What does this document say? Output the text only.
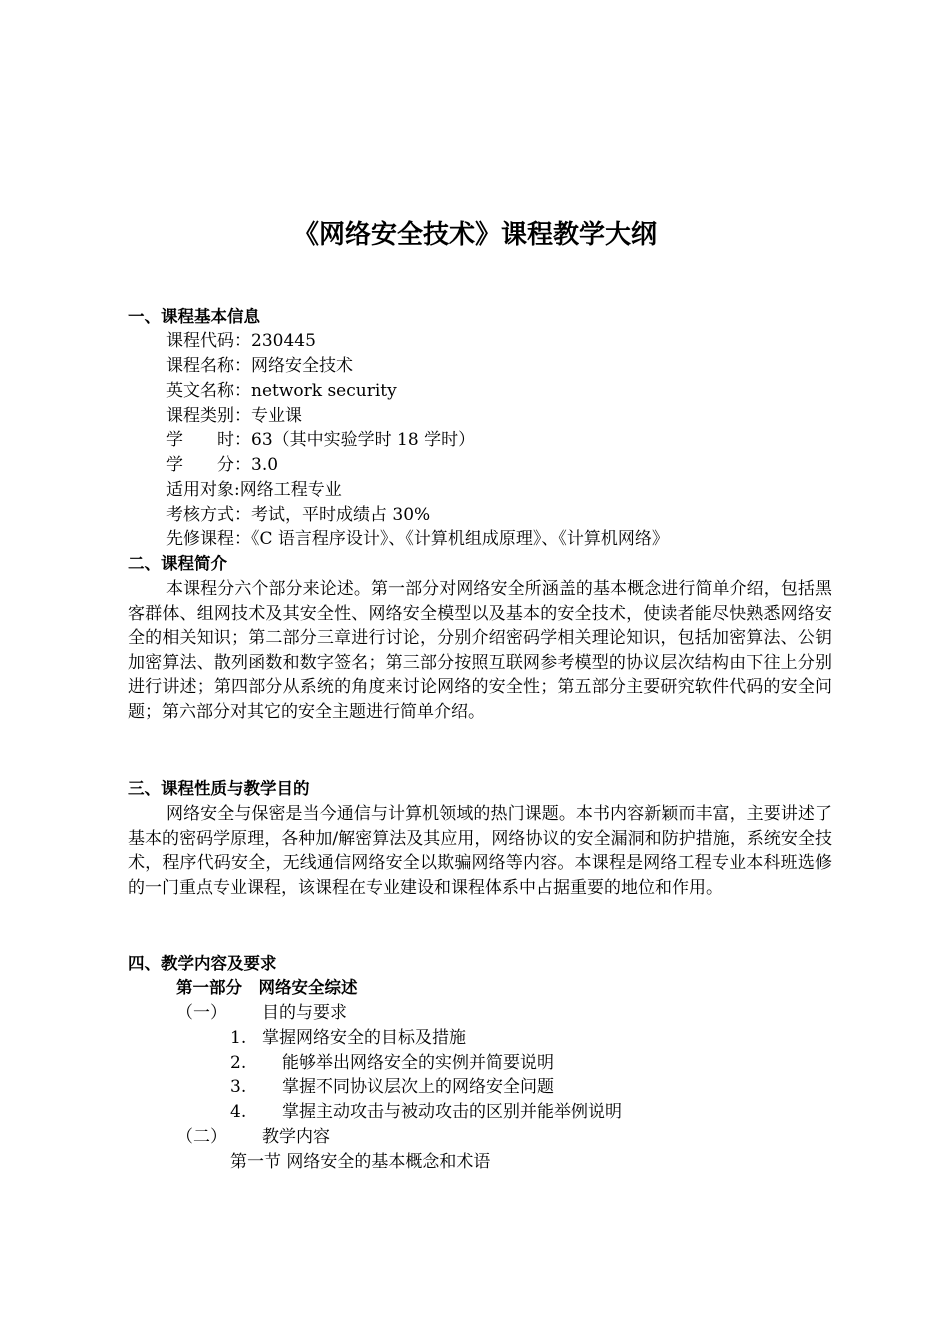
《网络安全技术》课程教学大纲
一、课程基本信息
课程代码：230445
课程名称：网络安全技术
英文名称：network security
课程类别：专业课
学　　时：63（其中实验学时 18 学时）
学　　分：3.0
适用对象:网络工程专业
考核方式：考试，平时成绩占 30%
先修课程：《C 语言程序设计》、《计算机组成原理》、《计算机网络》
二、课程简介
本课程分六个部分来论述。第一部分对网络安全所涵盖的基本概念进行简单介绍，包括黑客群体、组网技术及其安全性、网络安全模型以及基本的安全技术，使读者能尽快熟悉网络安全的相关知识；第二部分三章进行讨论，分别介绍密码学相关理论知识，包括加密算法、公钥加密算法、散列函数和数字签名；第三部分按照互联网参考模型的协议层次结构由下往上分别进行讲述；第四部分从系统的角度来讨论网络的安全性；第五部分主要研究软件代码的安全问题；第六部分对其它的安全主题进行简单介绍。
三、课程性质与教学目的
网络安全与保密是当今通信与计算机领域的热门课题。本书内容新颖而丰富，主要讲述了基本的密码学原理，各种加/解密算法及其应用，网络协议的安全漏洞和防护措施，系统安全技术，程序代码安全，无线通信网络安全以欺骗网络等内容。本课程是网络工程专业本科班选修的一门重点专业课程，该课程在专业建设和课程体系中占据重要的地位和作用。
四、教学内容及要求
第一部分　网络安全综述
（一） 目的与要求
1. 掌握网络安全的目标及措施
2. 能够举出网络安全的实例并简要说明
3. 掌握不同协议层次上的网络安全问题
4. 掌握主动攻击与被动攻击的区别并能举例说明
（二） 教学内容
第一节 网络安全的基本概念和术语
